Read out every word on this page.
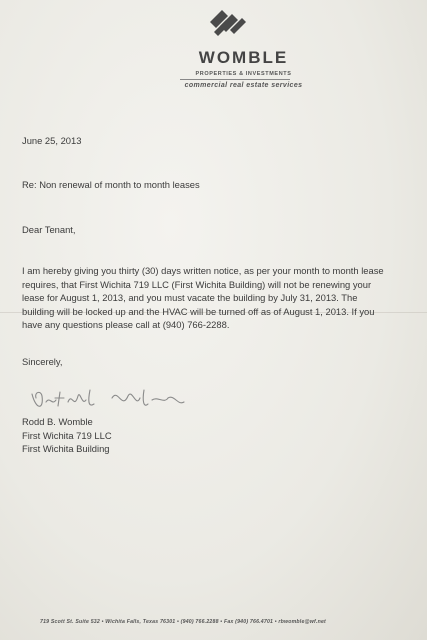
WOMBLE
PROPERTIES & INVESTMENTS
commercial real estate services
June 25, 2013
Re: Non renewal of month to month leases
Dear Tenant,
I am hereby giving you thirty (30) days written notice, as per your month to month lease
requires, that First Wichita 719 LLC (First Wichita Building) will not be renewing your
lease for August 1, 2013, and you must vacate the building by July 31, 2013. The
building will be locked up and the HVAC will be turned off as of August 1, 2013. If you
have any questions please call at (940) 766-2288.
Sincerely,
Rodd B. Womble
First Wichita 719 LLC
First Wichita Building
719 Scott St. Suite 532 • Wichita Falls, Texas 76301 • (940) 766.2288 • Fax (940) 766.4701 • rbwomble@wf.net
